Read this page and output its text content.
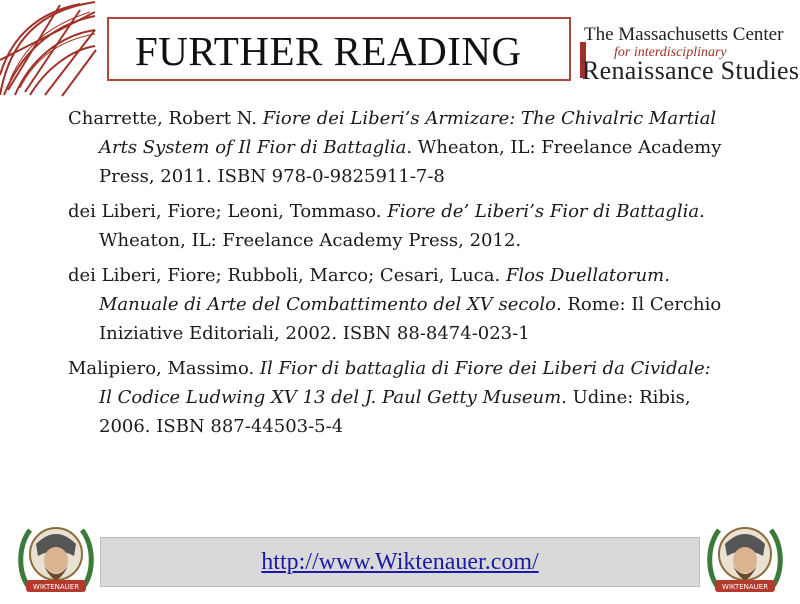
FURTHER READING	The Massachusetts Center
for interdisciplinary
Renaissance Studies
Charrette, Robert N. Fiore dei Liberi’s Armizare: The Chivalric Martial Arts System of Il Fior di Battaglia. Wheaton, IL: Freelance Academy Press, 2011. ISBN 978-0-9825911-7-8
dei Liberi, Fiore; Leoni, Tommaso. Fiore de’ Liberi’s Fior di Battaglia. Wheaton, IL: Freelance Academy Press, 2012.
dei Liberi, Fiore; Rubboli, Marco; Cesari, Luca. Flos Duellatorum. Manuale di Arte del Combattimento del XV secolo. Rome: Il Cerchio Iniziative Editoriali, 2002. ISBN 88-8474-023-1
Malipiero, Massimo. Il Fior di battaglia di Fiore dei Liberi da Cividale: Il Codice Ludwing XV 13 del J. Paul Getty Museum. Udine: Ribis, 2006. ISBN 887-44503-5-4
http://www.Wiktenauer.com/
WIKTENAUER	WIKTENAUER
